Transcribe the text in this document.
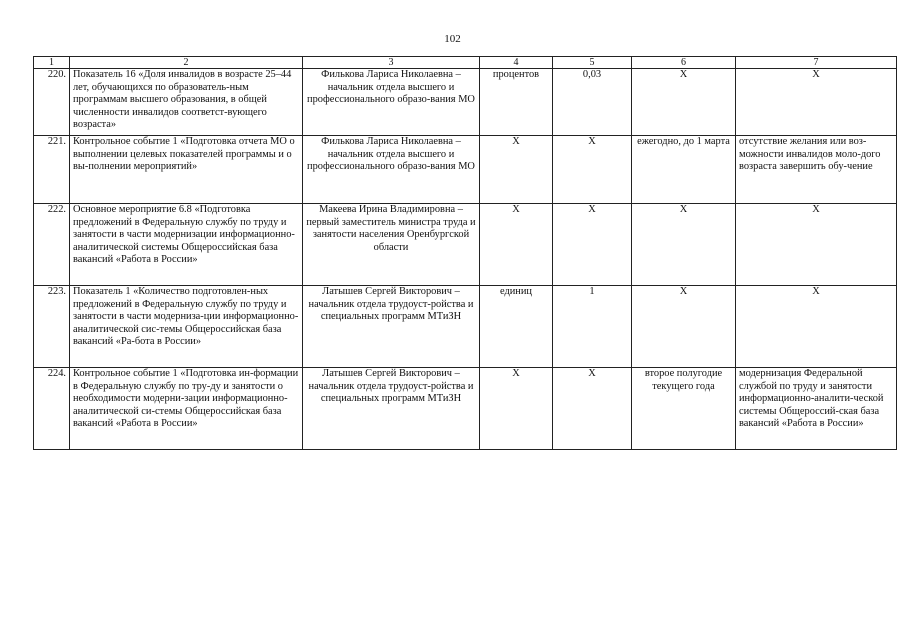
102
1	2	3	4	5	6	7
220.	Показатель 16 «Доля инвалидов в возрасте 25–44 лет, обучающихся по образователь-ным программам высшего образования, в общей численности инвалидов соответст-вующего возраста»	Филькова Лариса Николаевна – начальник отдела высшего и профессионального образо-вания МО	процентов	0,03	Х	Х
221.	Контрольное событие 1 «Подготовка отчета МО о выполнении целевых показателей программы и о вы-полнении мероприятий»	Филькова Лариса Николаевна – начальник отдела высшего и профессионального образо-вания МО	Х	Х	ежегодно, до 1 марта	отсутствие желания или воз-можности инвалидов моло-дого возраста завершить обу-чение
222.	Основное мероприятие 6.8 «Подготовка предложений в Федеральную службу по труду и занятости в части модернизации информационно-аналитической системы Общероссийская база вакансий «Работа в России»	Макеева Ирина Владимировна – первый заместитель министра труда и занятости населения Оренбургской области	Х	Х	Х	Х
223.	Показатель 1 «Количество подготовлен-ных предложений в Федеральную службу по труду и занятости в части модерниза-ции информационно-аналитической сис-темы Общероссийская база вакансий «Ра-бота в России»	Латышев Сергей Викторович – начальник отдела трудоуст-ройства и специальных программ МТиЗН	единиц	1	Х	Х
224.	Контрольное событие 1 «Подготовка ин-формации в Федеральную службу по тру-ду и занятости о необходимости модерни-зации информационно-аналитической си-стемы Общероссийская база вакансий «Работа в России»	Латышев Сергей Викторович – начальник отдела трудоуст-ройства и специальных программ МТиЗН	Х	Х	второе полугодие текущего года	модернизация Федеральной службой по труду и занятости информационно-аналити-ческой системы Общероссий-ская база вакансий «Работа в России»
